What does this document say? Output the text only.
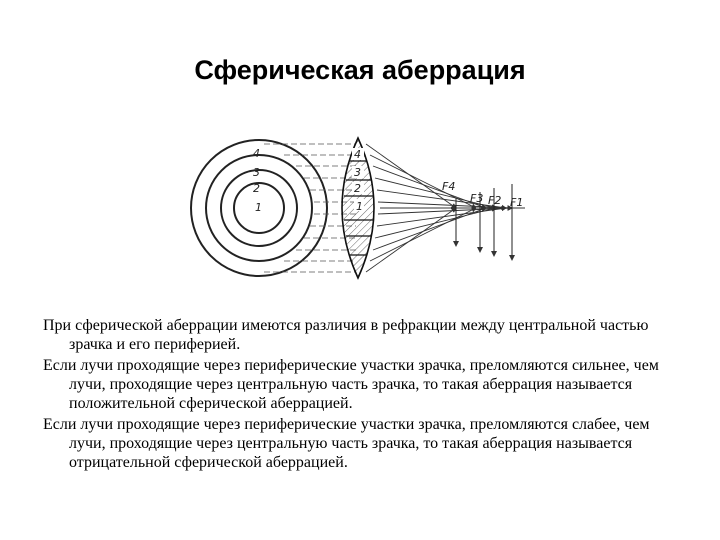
Сферическая аберрация
4
3
2
1
4
3
2
1
F4
F3 F2 F1

При сферической аберрации имеются различия в рефракции между центральной частью зрачка и его периферией.

Если лучи проходящие через периферические участки зрачка, преломляются сильнее, чем лучи, проходящие через центральную часть зрачка, то такая аберрация называется положительной сферической аберрацией.

Если лучи проходящие через периферические участки зрачка, преломляются слабее, чем лучи, проходящие через центральную часть зрачка, то такая аберрация называется отрицательной сферической аберрацией.
